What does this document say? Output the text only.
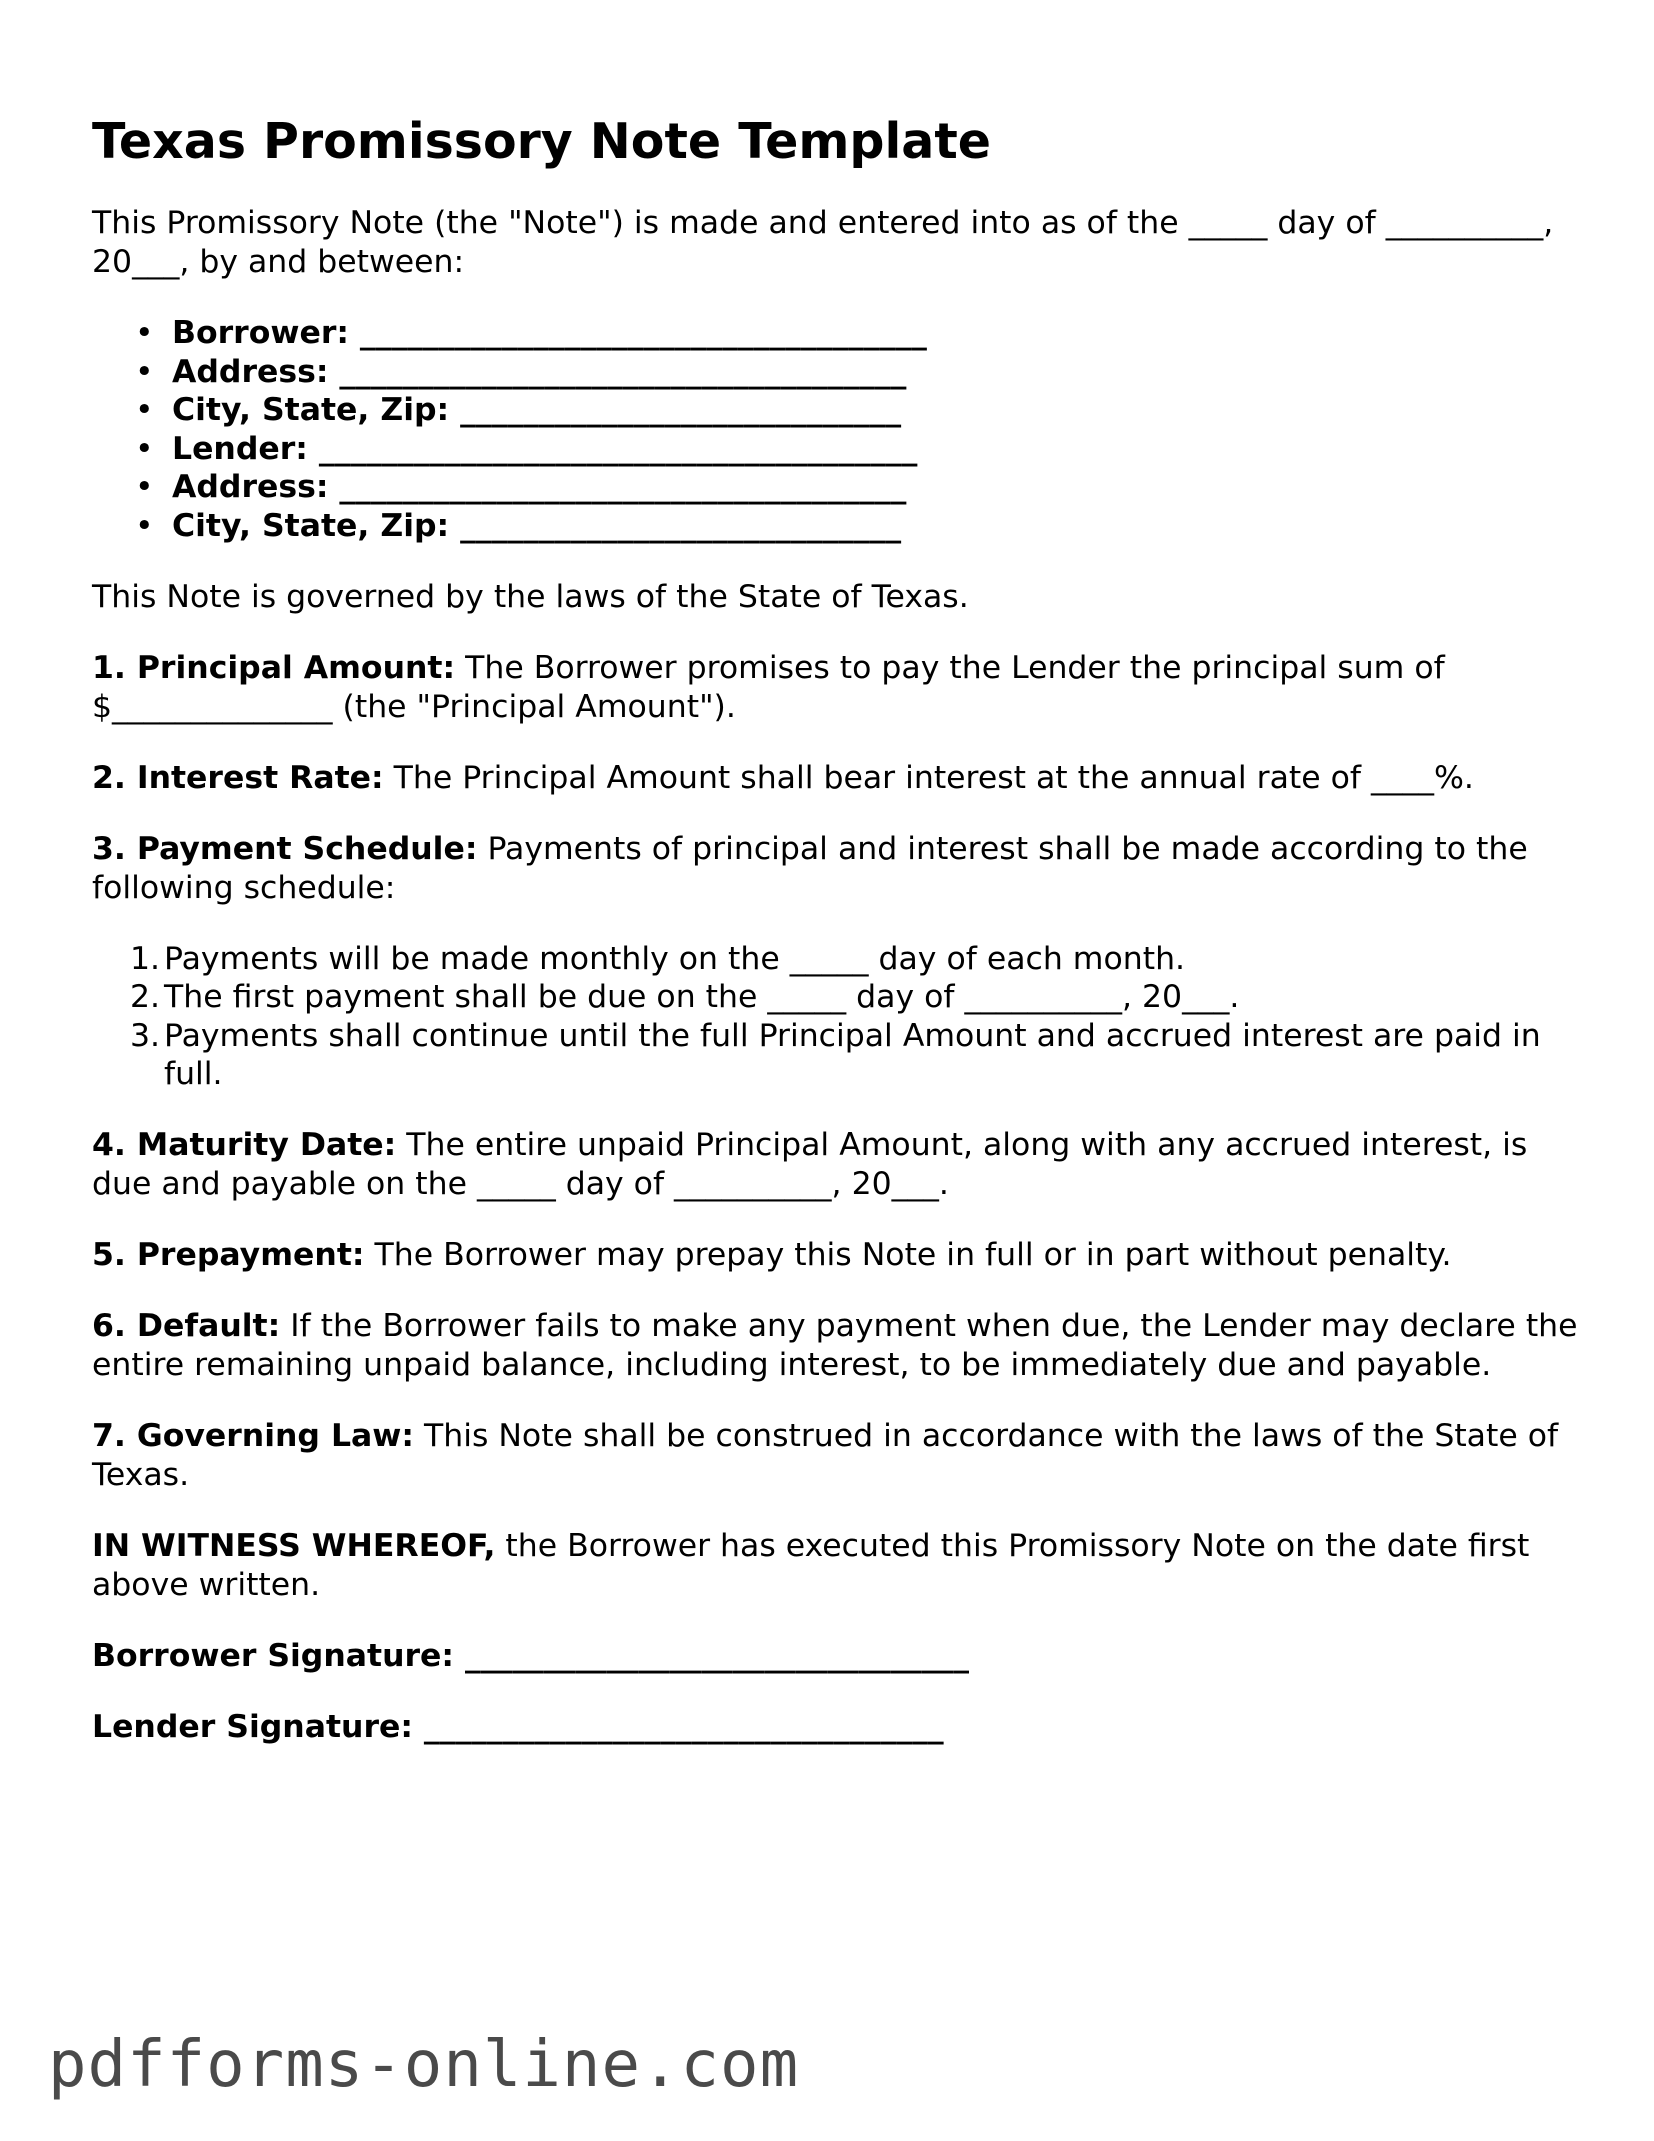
Texas Promissory Note Template

This Promissory Note (the "Note") is made and entered into as of the _____ day of __________, 20___, by and between:

• Borrower: ____________________________________
• Address: ____________________________________
• City, State, Zip: ____________________________
• Lender: ______________________________________
• Address: ____________________________________
• City, State, Zip: ____________________________

This Note is governed by the laws of the State of Texas.

1. Principal Amount: The Borrower promises to pay the Lender the principal sum of $______________ (the "Principal Amount").

2. Interest Rate: The Principal Amount shall bear interest at the annual rate of ____%.

3. Payment Schedule: Payments of principal and interest shall be made according to the following schedule:

1. Payments will be made monthly on the _____ day of each month.
2. The first payment shall be due on the _____ day of __________, 20___.
3. Payments shall continue until the full Principal Amount and accrued interest are paid in full.

4. Maturity Date: The entire unpaid Principal Amount, along with any accrued interest, is due and payable on the _____ day of __________, 20___.

5. Prepayment: The Borrower may prepay this Note in full or in part without penalty.

6. Default: If the Borrower fails to make any payment when due, the Lender may declare the entire remaining unpaid balance, including interest, to be immediately due and payable.

7. Governing Law: This Note shall be construed in accordance with the laws of the State of Texas.

IN WITNESS WHEREOF, the Borrower has executed this Promissory Note on the date first above written.

Borrower Signature: ________________________________

Lender Signature: _________________________________

pdfforms-online.com
